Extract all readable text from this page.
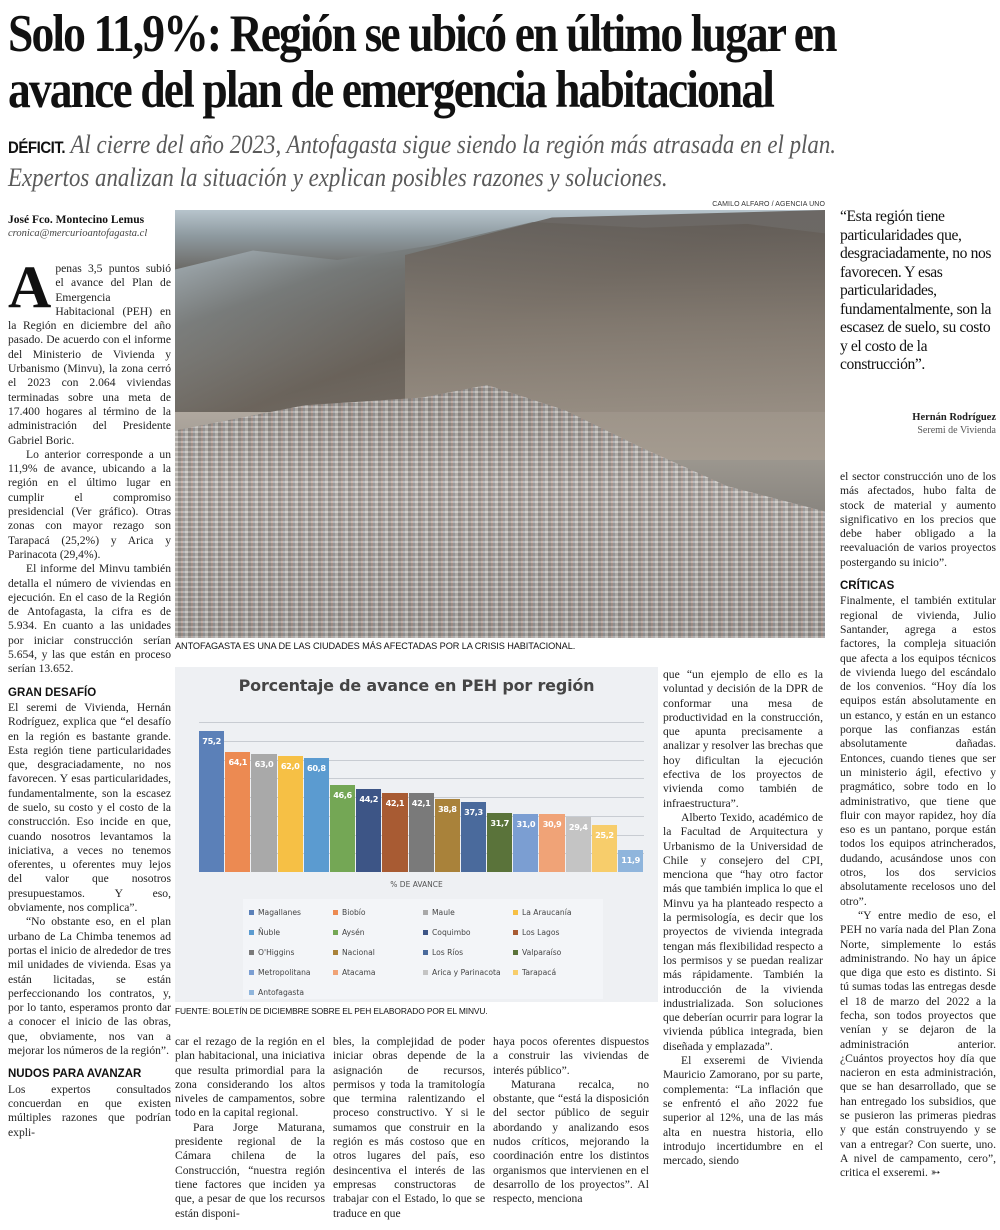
Solo 11,9%: Región se ubicó en último lugar en
avance del plan de emergencia habitacional
DÉFICIT. Al cierre del año 2023, Antofagasta sigue siendo la región más atrasada en el plan.
Expertos analizan la situación y explican posibles razones y soluciones.
José Fco. Montecino Lemus
cronica@mercurioantofagasta.cl

Apenas 3,5 puntos subió el avance del Plan de Emergencia Habitacional (PEH) en la Región en diciembre del año pasado. De acuerdo con el informe del Ministerio de Vivienda y Urbanismo (Minvu), la zona cerró el 2023 con 2.064 viviendas terminadas sobre una meta de 17.400 hogares al término de la administración del Presidente Gabriel Boric.

Lo anterior corresponde a un 11,9% de avance, ubicando a la región en el último lugar en cumplir el compromiso presidencial (Ver gráfico). Otras zonas con mayor rezago son Tarapacá (25,2%) y Arica y Parinacota (29,4%).

El informe del Minvu también detalla el número de viviendas en ejecución. En el caso de la Región de Antofagasta, la cifra es de 5.934. En cuanto a las unidades por iniciar construcción serían 5.654, y las que están en proceso serían 13.652.

GRAN DESAFÍO

El seremi de Vivienda, Hernán Rodríguez, explica que “el desafío en la región es bastante grande. Esta región tiene particularidades que, desgraciadamente, no nos favorecen. Y esas particularidades, fundamentalmente, son la escasez de suelo, su costo y el costo de la construcción. Eso incide en que, cuando nosotros levantamos la iniciativa, a veces no tenemos oferentes, u oferentes muy lejos del valor que nosotros presupuestamos. Y eso, obviamente, nos complica”.

“No obstante eso, en el plan urbano de La Chimba tenemos ad portas el inicio de alrededor de tres mil unidades de vivienda. Esas ya están licitadas, se están perfeccionando los contratos, y, por lo tanto, esperamos pronto dar a conocer el inicio de las obras, que, obviamente, nos van a mejorar los números de la región”.

NUDOS PARA AVANZAR

Los expertos consultados concuerdan en que existen múltiples razones que podrían expli-

CAMILO ALFARO / AGENCIA UNO
ANTOFAGASTA ES UNA DE LAS CIUDADES MÁS AFECTADAS POR LA CRISIS HABITACIONAL.
“Esta región tiene particularidades que, desgraciadamente, no nos favorecen. Y esas particularidades, fundamentalmente, son la escasez de suelo, su costo y el costo de la construcción”.
Hernán Rodríguez
Seremi de Vivienda

el sector construcción uno de los más afectados, hubo falta de stock de material y aumento significativo en los precios que debe haber obligado a la reevaluación de varios proyectos postergando su inicio”.

CRÍTICAS

Finalmente, el también extitular regional de vivienda, Julio Santander, agrega a estos factores, la compleja situación que afecta a los equipos técnicos de vivienda luego del escándalo de los convenios. “Hoy día los equipos están absolutamente en un estanco, y están en un estanco porque las confianzas están absolutamente dañadas. Entonces, cuando tienes que ser un ministerio ágil, efectivo y pragmático, sobre todo en lo administrativo, que tiene que fluir con mayor rapidez, hoy día eso es un pantano, porque están todos los equipos atrincherados, dudando, acusándose unos con otros, los dos servicios absolutamente recelosos uno del otro”.

“Y entre medio de eso, el PEH no varía nada del Plan Zona Norte, simplemente lo estás administrando. No hay un ápice que diga que esto es distinto. Si tú sumas todas las entregas desde el 18 de marzo del 2022 a la fecha, son todos proyectos que venían y se dejaron de la administración anterior. ¿Cuántos proyectos hoy día que nacieron en esta administración, que se han desarrollado, que se han entregado los subsidios, que se pusieron las primeras piedras y que están construyendo y se van a entregar? Con suerte, uno. A nivel de campamento, cero”, critica el exseremi. ➳

Porcentaje de avance en PEH por región
75,2
64,1 63,0 62,0 60,8
46,6 44,2 42,1 42,1
38,8 37,3
31,7 31,0 30,9 29,4
25,2
11,9
% DE AVANCE
Magallanes	Biobío	Maule	La Araucanía
Ñuble	Aysén	Coquimbo	Los Lagos
O'Higgins	Nacional	Los Ríos	Valparaíso
Metropolitana	Atacama	Arica y Parinacota	Tarapacá
Antofagasta
FUENTE: BOLETÍN DE DICIEMBRE SOBRE EL PEH ELABORADO POR EL MINVU.

que “un ejemplo de ello es la voluntad y decisión de la DPR de conformar una mesa de productividad en la construcción, que apunta precisamente a analizar y resolver las brechas que hoy dificultan la ejecución efectiva de los proyectos de vivienda como también de infraestructura”.

Alberto Texido, académico de la Facultad de Arquitectura y Urbanismo de la Universidad de Chile y consejero del CPI, menciona que “hay otro factor más que también implica lo que el Minvu ya ha planteado respecto a la permisología, es decir que los proyectos de vivienda integrada tengan más flexibilidad respecto a los permisos y se puedan realizar más rápidamente. También la introducción de la vivienda industrializada. Son soluciones que deberían ocurrir para lograr la vivienda pública integrada, bien diseñada y emplazada”.

El exseremi de Vivienda Mauricio Zamorano, por su parte, complementa: “La inflación que se enfrentó el año 2022 fue superior al 12%, una de las más alta en nuestra historia, ello introdujo incertidumbre en el mercado, siendo

car el rezago de la región en el plan habitacional, una iniciativa que resulta primordial para la zona considerando los altos niveles de campamentos, sobre todo en la capital regional.

Para Jorge Maturana, presidente regional de la Cámara chilena de la Construcción, “nuestra región tiene factores que inciden ya que, a pesar de que los recursos están disponi-

bles, la complejidad de poder iniciar obras depende de la asignación de recursos, permisos y toda la tramitología que termina ralentizando el proceso constructivo. Y si le sumamos que construir en la región es más costoso que en otros lugares del país, eso desincentiva el interés de las empresas constructoras de trabajar con el Estado, lo que se traduce en que

haya pocos oferentes dispuestos a construir las viviendas de interés público”.

Maturana recalca, no obstante, que “está la disposición del sector público de seguir abordando y analizando esos nudos críticos, mejorando la coordinación entre los distintos organismos que intervienen en el desarrollo de los proyectos”. Al respecto, menciona
